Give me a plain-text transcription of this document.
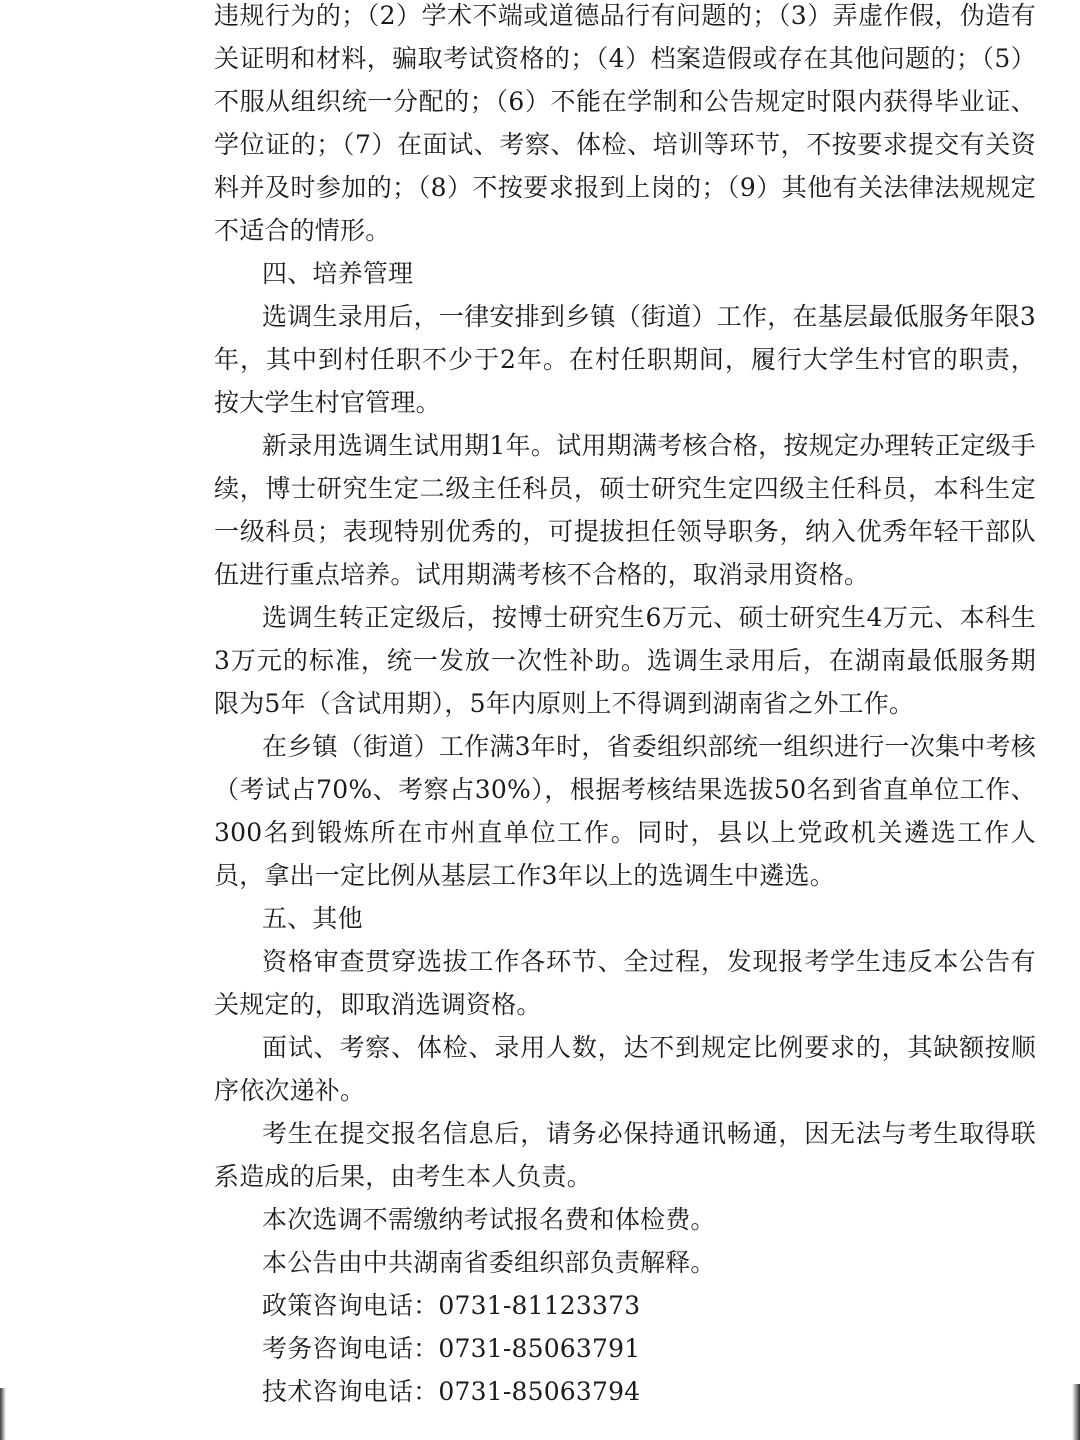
违规行为的；（2）学术不端或道德品行有问题的；（3）弄虚作假，伪造有关证明和材料，骗取考试资格的；（4）档案造假或存在其他问题的；（5）不服从组织统一分配的；（6）不能在学制和公告规定时限内获得毕业证、学位证的；（7）在面试、考察、体检、培训等环节，不按要求提交有关资料并及时参加的；（8）不按要求报到上岗的；（9）其他有关法律法规规定不适合的情形。

四、培养管理

选调生录用后，一律安排到乡镇（街道）工作，在基层最低服务年限3年，其中到村任职不少于2年。在村任职期间，履行大学生村官的职责，按大学生村官管理。

新录用选调生试用期1年。试用期满考核合格，按规定办理转正定级手续，博士研究生定二级主任科员，硕士研究生定四级主任科员，本科生定一级科员；表现特别优秀的，可提拔担任领导职务，纳入优秀年轻干部队伍进行重点培养。试用期满考核不合格的，取消录用资格。

选调生转正定级后，按博士研究生6万元、硕士研究生4万元、本科生3万元的标准，统一发放一次性补助。选调生录用后，在湖南最低服务期限为5年（含试用期），5年内原则上不得调到湖南省之外工作。

在乡镇（街道）工作满3年时，省委组织部统一组织进行一次集中考核（考试占70%、考察占30%），根据考核结果选拔50名到省直单位工作、300名到锻炼所在市州直单位工作。同时，县以上党政机关遴选工作人员，拿出一定比例从基层工作3年以上的选调生中遴选。

五、其他

资格审查贯穿选拔工作各环节、全过程，发现报考学生违反本公告有关规定的，即取消选调资格。

面试、考察、体检、录用人数，达不到规定比例要求的，其缺额按顺序依次递补。

考生在提交报名信息后，请务必保持通讯畅通，因无法与考生取得联系造成的后果，由考生本人负责。

本次选调不需缴纳考试报名费和体检费。

本公告由中共湖南省委组织部负责解释。

政策咨询电话：0731-81123373

考务咨询电话：0731-85063791

技术咨询电话：0731-85063794
